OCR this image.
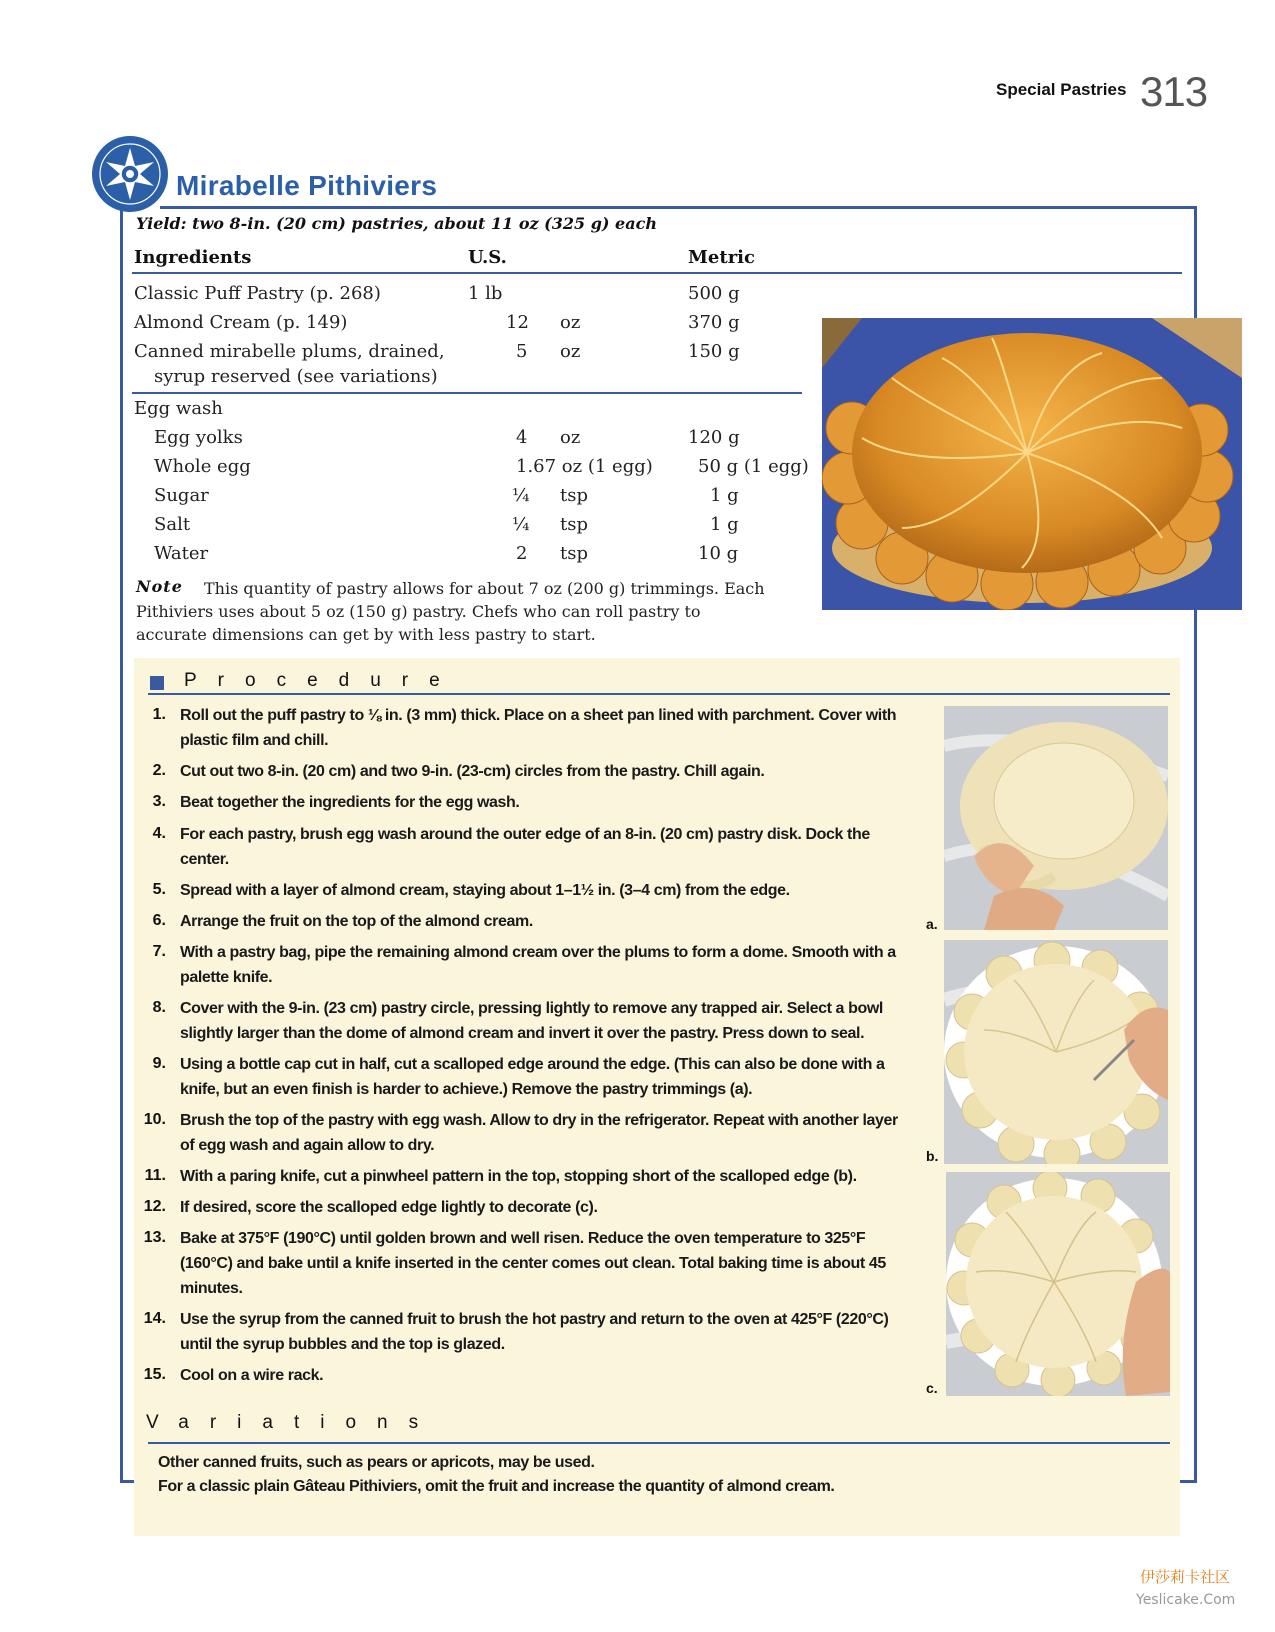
Special Pastries 313
Mirabelle Pithiviers
Yield: two 8-in. (20 cm) pastries, about 11 oz (325 g) each
Ingredients	U.S.	Metric
Classic Puff Pastry (p. 268)	1 lb	500 g
Almond Cream (p. 149)	12 oz	370 g
Canned mirabelle plums, drained,
syrup reserved (see variations)
5 oz	150 g
Egg wash
Egg yolks	4 oz	120 g
Whole egg	1.67 oz (1 egg)	50 g (1 egg)
Sugar	¼ tsp	1 g
Salt	¼ tsp	1 g
Water	2 tsp	10 g
This quantity of pastry allows for about 7 oz (200 g) trimmings. Each Pithiviers uses about 5 oz (150 g) pastry. Chefs who can roll pastry to accurate dimensions can get by with less pastry to start.
Note
Procedure
1. Roll out the puff pastry to ⅛ in. (3 mm) thick. Place on a sheet pan lined with parchment. Cover with plastic film and chill.
2. Cut out two 8-in. (20 cm) and two 9-in. (23-cm) circles from the pastry. Chill again.
3. Beat together the ingredients for the egg wash.
4. For each pastry, brush egg wash around the outer edge of an 8-in. (20 cm) pastry disk. Dock the center.
5. Spread with a layer of almond cream, staying about 1–1½ in. (3–4 cm) from the edge.
6. Arrange the fruit on the top of the almond cream.
7. With a pastry bag, pipe the remaining almond cream over the plums to form a dome. Smooth with a palette knife.
8. Cover with the 9-in. (23 cm) pastry circle, pressing lightly to remove any trapped air. Select a bowl slightly larger than the dome of almond cream and invert it over the pastry. Press down to seal.
9. Using a bottle cap cut in half, cut a scalloped edge around the edge. (This can also be done with a knife, but an even finish is harder to achieve.) Remove the pastry trimmings (a).
10. Brush the top of the pastry with egg wash. Allow to dry in the refrigerator. Repeat with another layer of egg wash and again allow to dry.
11. With a paring knife, cut a pinwheel pattern in the top, stopping short of the scalloped edge (b).
12. If desired, score the scalloped edge lightly to decorate (c).
13. Bake at 375°F (190°C) until golden brown and well risen. Reduce the oven temperature to 325°F (160°C) and bake until a knife inserted in the center comes out clean. Total baking time is about 45 minutes.
14. Use the syrup from the canned fruit to brush the hot pastry and return to the oven at 425°F (220°C) until the syrup bubbles and the top is glazed.
15. Cool on a wire rack.
a.
b.
c.
Variations
Other canned fruits, such as pears or apricots, may be used.
For a classic plain Gâteau Pithiviers, omit the fruit and increase the quantity of almond cream.
伊莎莉卡社区
Yeslicake.Com
